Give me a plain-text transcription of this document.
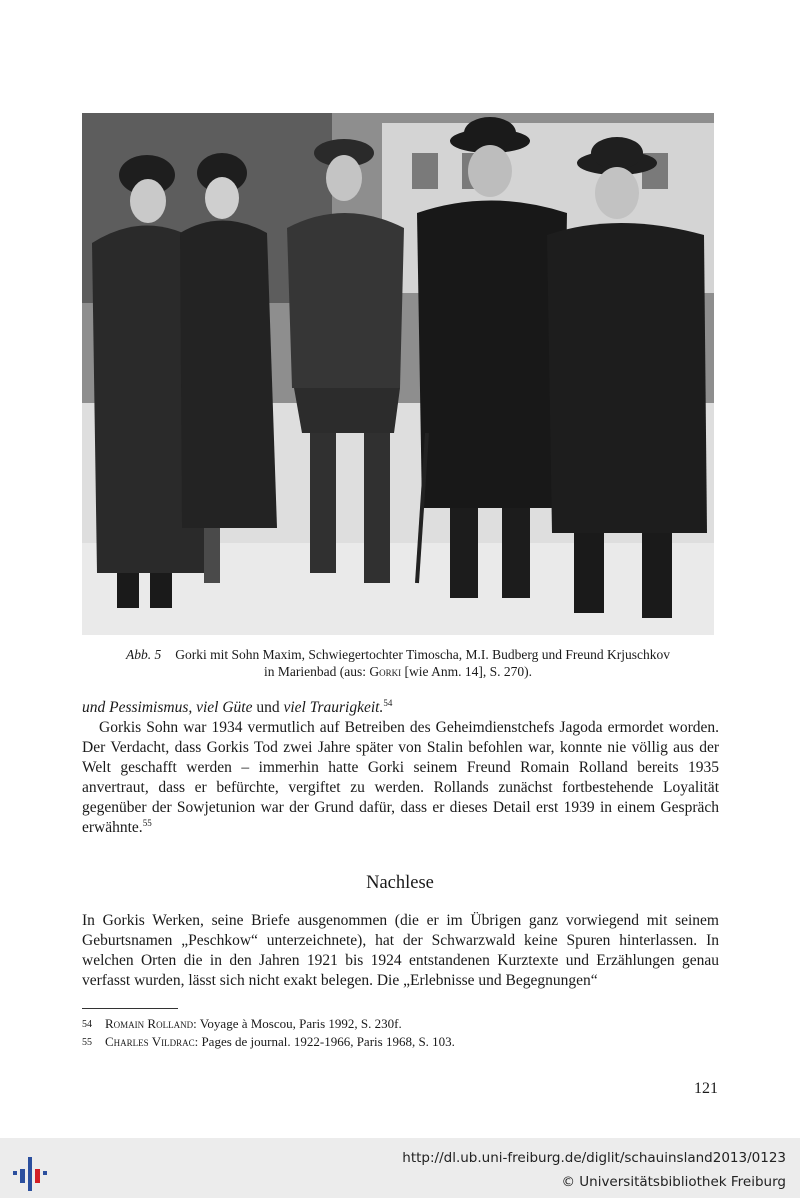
Abb. 5 Gorki mit Sohn Maxim, Schwiegertochter Timoscha, M.I. Budberg und Freund Krjuschkov
in Marienbad (aus: Gorki [wie Anm. 14], S. 270).

und Pessimismus, viel Güte und viel Traurigkeit.$^{54}$

Gorkis Sohn war 1934 vermutlich auf Betreiben des Geheimdienstchefs Jagoda ermordet worden. Der Verdacht, dass Gorkis Tod zwei Jahre später von Stalin befohlen war, konnte nie völlig aus der Welt geschafft werden – immerhin hatte Gorki seinem Freund Romain Rolland bereits 1935 anvertraut, dass er befürchte, vergiftet zu werden. Rollands zunächst fortbestehende Loyalität gegenüber der Sowjetunion war der Grund dafür, dass er dieses Detail erst 1939 in einem Gespräch erwähnte.$^{55}$

Nachlese

In Gorkis Werken, seine Briefe ausgenommen (die er im Übrigen ganz vorwiegend mit seinem Geburtsnamen „Peschkow“ unterzeichnete), hat der Schwarzwald keine Spuren hinterlassen. In welchen Orten die in den Jahren 1921 bis 1924 entstandenen Kurztexte und Erzählungen genau verfasst wurden, lässt sich nicht exakt belegen. Die „Erlebnisse und Begegnungen“

54	Romain Rolland: Voyage à Moscou, Paris 1992, S. 230f.
55	Charles Vildrac: Pages de journal. 1922-1966, Paris 1968, S. 103.
121
http://dl.ub.uni-freiburg.de/diglit/schauinsland2013/0123
© Universitätsbibliothek Freiburg
